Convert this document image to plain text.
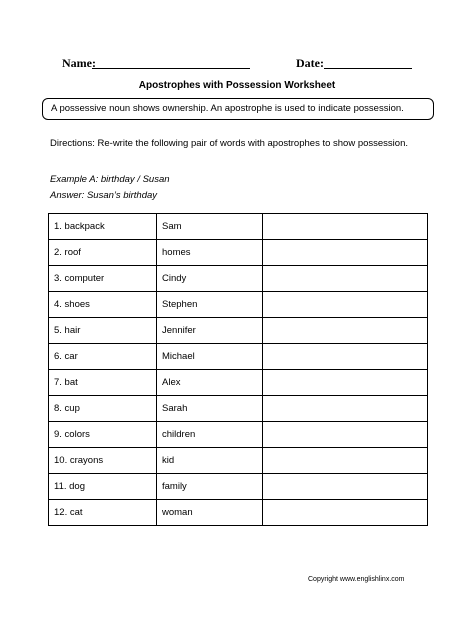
Name:	Date:
Apostrophes with Possession Worksheet
A possessive noun shows ownership. An apostrophe is used to indicate possession.
Directions: Re-write the following pair of words with apostrophes to show possession.
Example A: birthday / Susan
Answer: Susan’s birthday
1. backpack	Sam	
2. roof	homes	
3. computer	Cindy	
4. shoes	Stephen	
5. hair	Jennifer	
6. car	Michael	
7. bat	Alex	
8. cup	Sarah	
9. colors	children	
10. crayons	kid	
11. dog	family	
12. cat	woman	
Copyright www.englishlinx.com
